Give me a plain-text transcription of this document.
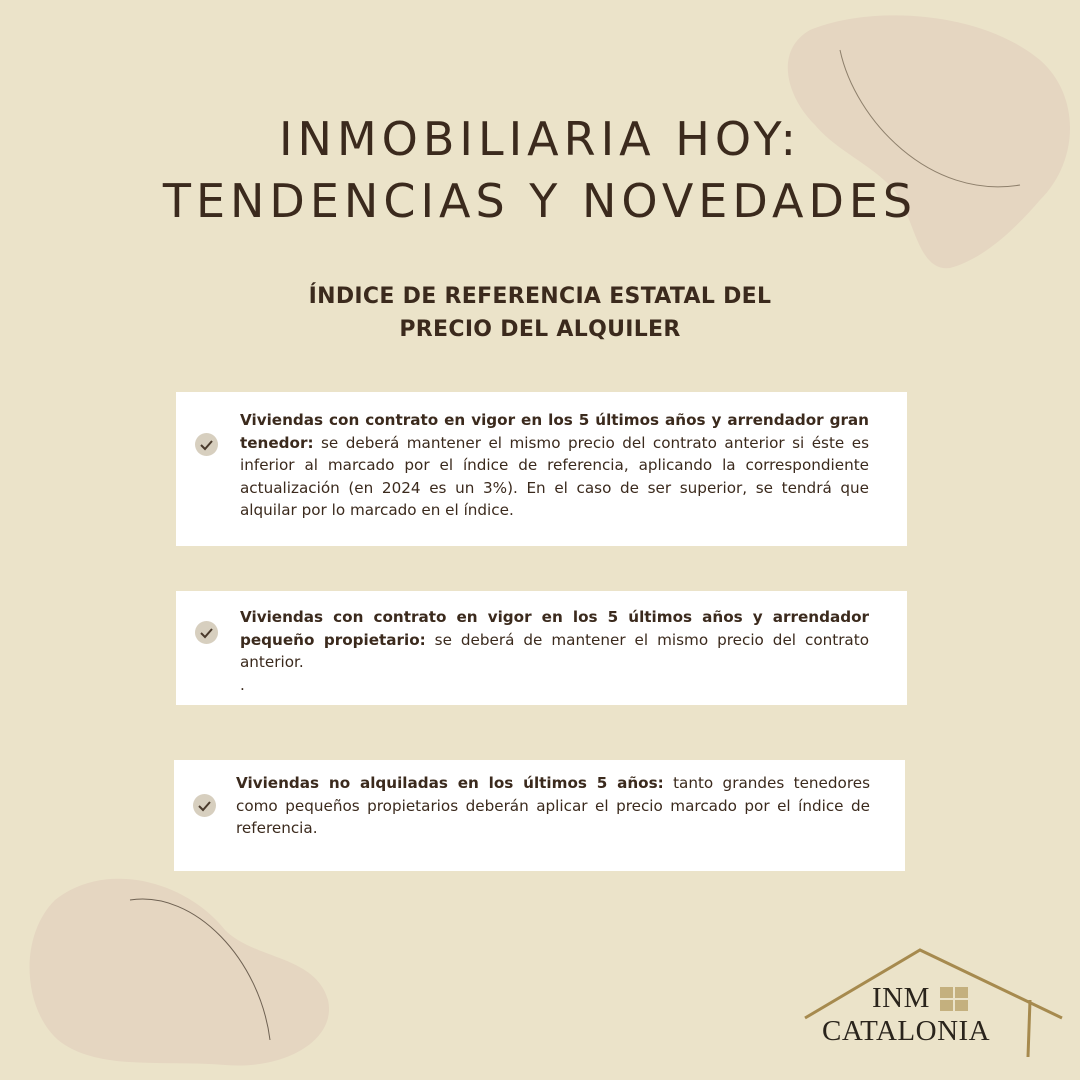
INMOBILIARIA HOY:
TENDENCIAS Y NOVEDADES
ÍNDICE DE REFERENCIA ESTATAL DEL
PRECIO DEL ALQUILER
Viviendas con contrato en vigor en los 5 últimos años y arrendador gran tenedor: se deberá mantener el mismo precio del contrato anterior si éste es inferior al marcado por el índice de referencia, aplicando la correspondiente actualización (en 2024 es un 3%). En el caso de ser superior, se tendrá que alquilar por lo marcado en el índice.
Viviendas con contrato en vigor en los 5 últimos años y arrendador pequeño propietario: se deberá de mantener el mismo precio del contrato anterior.
.
Viviendas no alquiladas en los últimos 5 años: tanto grandes tenedores como pequeños propietarios deberán aplicar el precio marcado por el índice de referencia.
INM
CATALONIA
